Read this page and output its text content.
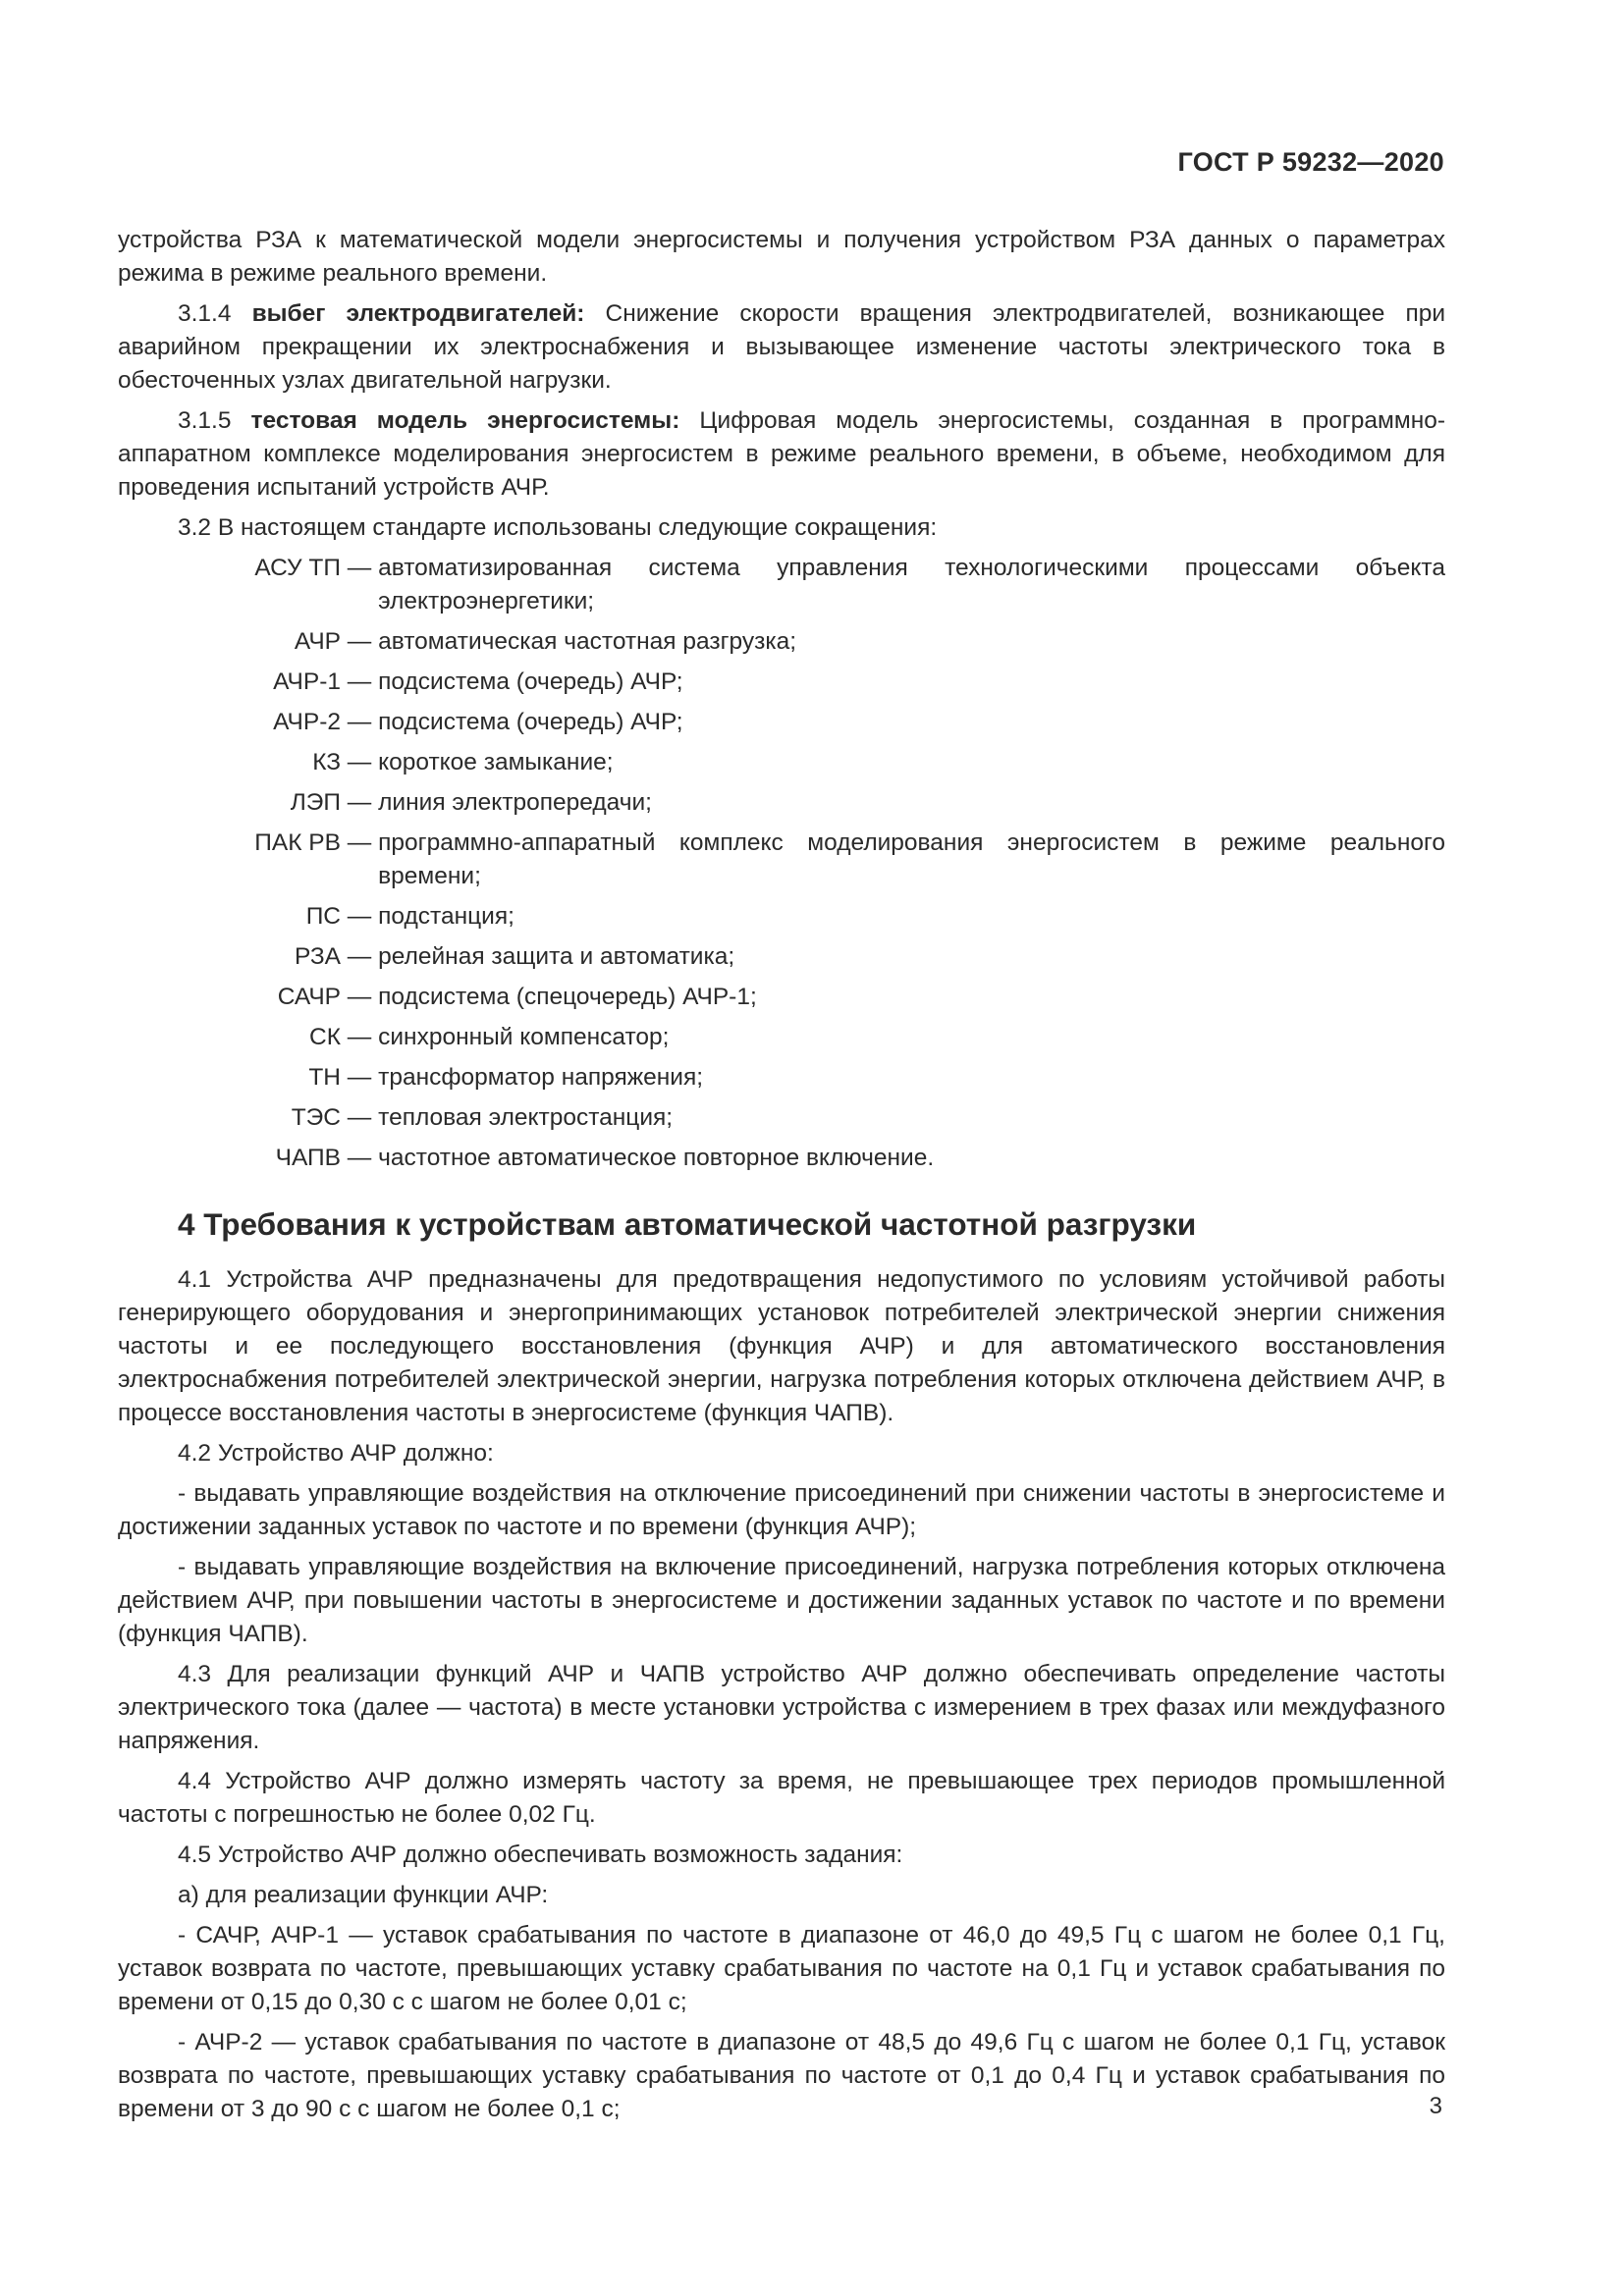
ГОСТ Р 59232—2020

устройства РЗА к математической модели энергосистемы и получения устройством РЗА данных о параметрах режима в режиме реального времени.

3.1.4 выбег электродвигателей: Снижение скорости вращения электродвигателей, возникающее при аварийном прекращении их электроснабжения и вызывающее изменение частоты электрического тока в обесточенных узлах двигательной нагрузки.

3.1.5 тестовая модель энергосистемы: Цифровая модель энергосистемы, созданная в программно-аппаратном комплексе моделирования энергосистем в режиме реального времени, в объеме, необходимом для проведения испытаний устройств АЧР.

3.2 В настоящем стандарте использованы следующие сокращения:

АСУ ТП — автоматизированная система управления технологическими процессами объекта электроэнергетики;
АЧР — автоматическая частотная разгрузка;
АЧР-1 — подсистема (очередь) АЧР;
АЧР-2 — подсистема (очередь) АЧР;
КЗ — короткое замыкание;
ЛЭП — линия электропередачи;
ПАК РВ — программно-аппаратный комплекс моделирования энергосистем в режиме реального времени;
ПС — подстанция;
РЗА — релейная защита и автоматика;
САЧР — подсистема (спецочередь) АЧР-1;
СК — синхронный компенсатор;
ТН — трансформатор напряжения;
ТЭС — тепловая электростанция;
ЧАПВ — частотное автоматическое повторное включение.
4 Требования к устройствам автоматической частотной разгрузки

4.1 Устройства АЧР предназначены для предотвращения недопустимого по условиям устойчивой работы генерирующего оборудования и энергопринимающих установок потребителей электрической энергии снижения частоты и ее последующего восстановления (функция АЧР) и для автоматического восстановления электроснабжения потребителей электрической энергии, нагрузка потребления которых отключена действием АЧР, в процессе восстановления частоты в энергосистеме (функция ЧАПВ).

4.2 Устройство АЧР должно:

- выдавать управляющие воздействия на отключение присоединений при снижении частоты в энергосистеме и достижении заданных уставок по частоте и по времени (функция АЧР);

- выдавать управляющие воздействия на включение присоединений, нагрузка потребления которых отключена действием АЧР, при повышении частоты в энергосистеме и достижении заданных уставок по частоте и по времени (функция ЧАПВ).

4.3 Для реализации функций АЧР и ЧАПВ устройство АЧР должно обеспечивать определение частоты электрического тока (далее — частота) в месте установки устройства с измерением в трех фазах или междуфазного напряжения.

4.4 Устройство АЧР должно измерять частоту за время, не превышающее трех периодов промышленной частоты с погрешностью не более 0,02 Гц.

4.5 Устройство АЧР должно обеспечивать возможность задания:

а) для реализации функции АЧР:

- САЧР, АЧР-1 — уставок срабатывания по частоте в диапазоне от 46,0 до 49,5 Гц с шагом не более 0,1 Гц, уставок возврата по частоте, превышающих уставку срабатывания по частоте на 0,1 Гц и уставок срабатывания по времени от 0,15 до 0,30 с с шагом не более 0,01 с;

- АЧР-2 — уставок срабатывания по частоте в диапазоне от 48,5 до 49,6 Гц с шагом не более 0,1 Гц, уставок возврата по частоте, превышающих уставку срабатывания по частоте от 0,1 до 0,4 Гц и уставок срабатывания по времени от 3 до 90 с с шагом не более 0,1 с;	3
